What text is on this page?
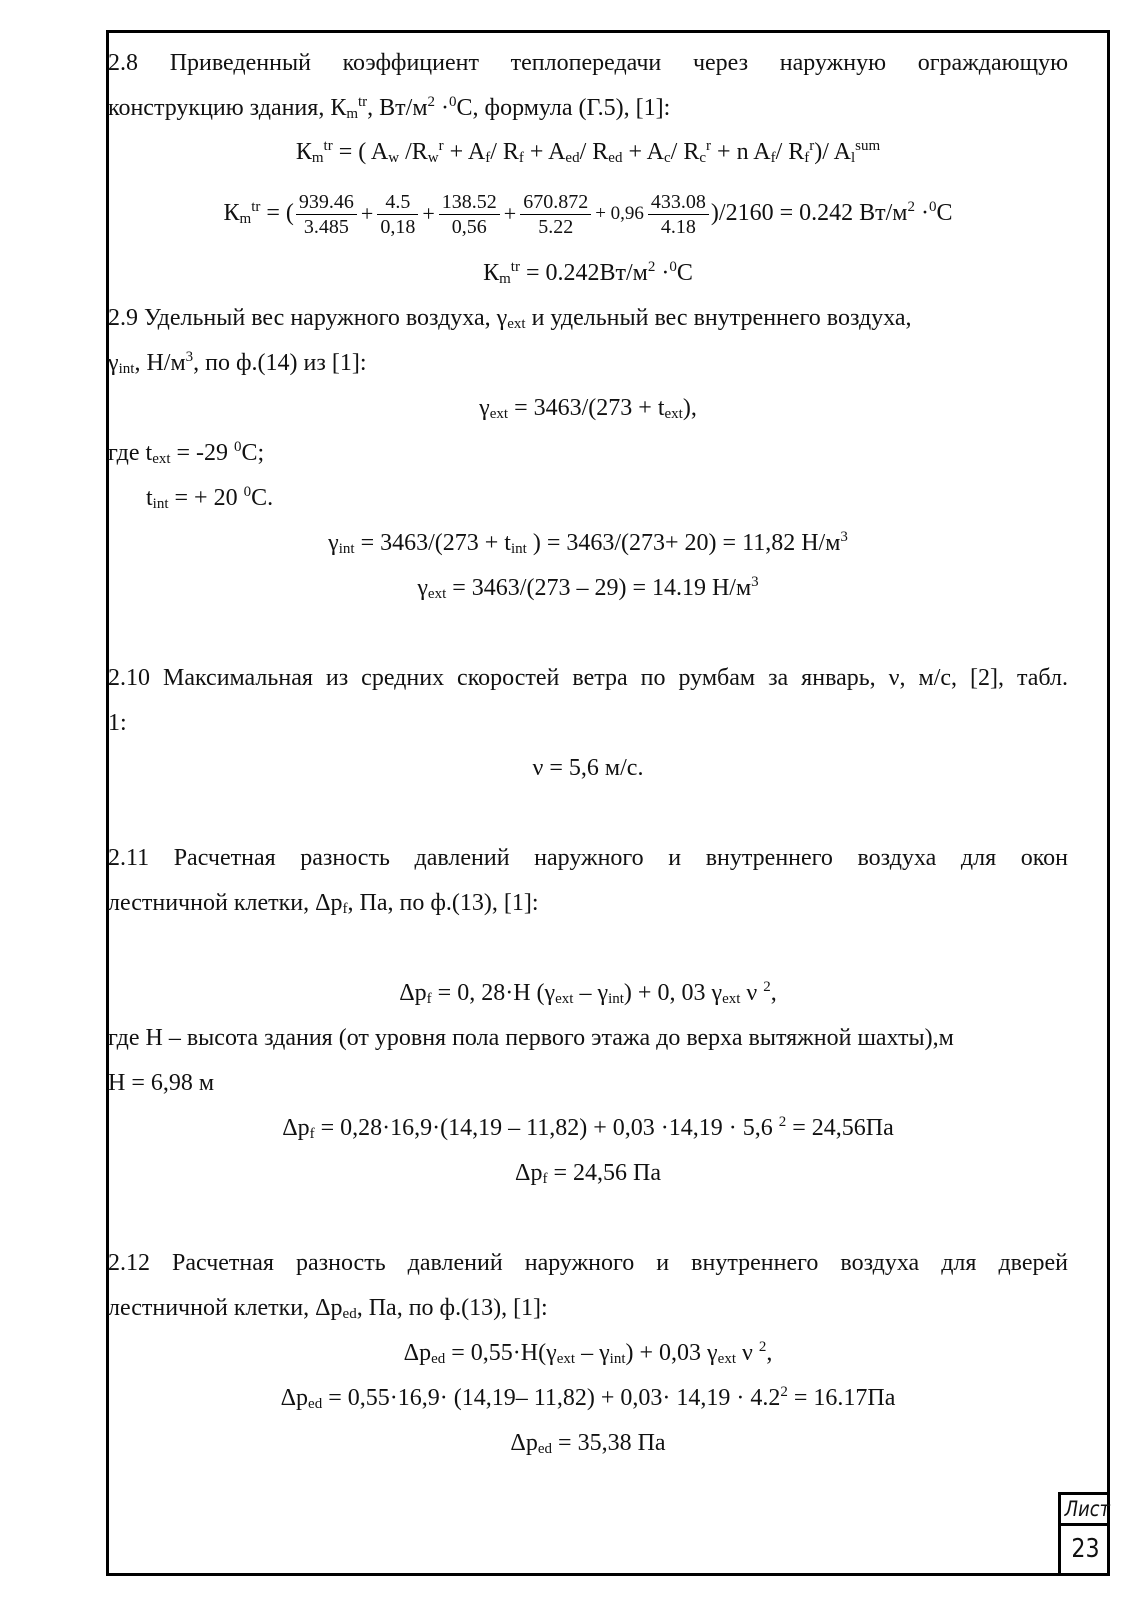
2.8 Приведенный коэффициент теплопередачи через наружную ограждающую
конструкцию здания, $К_m^{tr}$, $Вт/м^2 \cdot^0С$, формула (Г.5), [1]:
$К_m^{tr}$ = ( $A_w$ $/R_w^r + A_f/$ $R_f + A_{ed}/$ $R_{ed} + A_c/$ $R_c^r + n$ $A_f/$ $R_f^r)/$ $A_l^{sum}$
$К_m^{tr}$ = ( $\frac{939.46}{3.485} + \frac{4.5}{0,18} + \frac{138.52}{0,56} + \frac{670.872}{5.22} + 0,96 \frac{433.08}{4.18} )/2160 = 0.242$ $Вт/м^2 \cdot^0С$
$К_m^{tr} = 0.242Вт/м^2 \cdot^0С$
2.9 Удельный вес наружного воздуха, $\gamma_{ext}$ и удельный вес внутреннего воздуха,
$\gamma_{int}$, $Н/м^3$, по ф.(14) из [1]:
$\gamma_{ext} = 3463/(273 + t_{ext})$,
где $t_{ext} = -29$ $^0$С;
$t_{int}$ = + 20 $^0$С.
$\gamma_{int} = 3463/(273 + t_{int}$ ) = 3463/(273+ 20) = 11,82 $Н/м^3$
$\gamma_{ext} = 3463/(273 - 29) = 14.19$ $Н/м^3$
2.10 Максимальная из средних скоростей ветра по румбам за январь, ν, м/с, [2], табл.
1:
ν = 5,6 м/с.
2.11 Расчетная разность давлений наружного и внутреннего воздуха для окон
лестничной клетки, $\Delta р_f$, Па, по ф.(13), [1]:
$\Delta р_f = 0$, 28·Н $(\gamma_{ext} - \gamma_{int}) + 0$, 03 $\gamma_{ext}$ ν $^2$,
где Н – высота здания (от уровня пола первого этажа до верха вытяжной шахты),м
Н = 6,98 м
$\Delta р_f = 0,28\cdot 16,9\cdot(14,19 - 11,82) + 0,03 \cdot 14,19 \cdot 5,6$ $^2$ = 24,56Па
$\Delta р_f = 24,56$ Па
2.12 Расчетная разность давлений наружного и внутреннего воздуха для дверей
лестничной клетки, $\Delta р_{ed}$, Па, по ф.(13), [1]:
$\Delta р_{ed} = 0,55\cdot Н(\gamma_{ext} - \gamma_{int}) + 0,03$ $\gamma_{ext}$ ν $^2$,
$\Delta р_{ed} = 0,55\cdot 16,9\cdot (14,19-$ $11,82) + 0,03\cdot 14,19 \cdot 4.2^2 = 16.17Па$
$\Delta р_{ed} = 35,38$ Па
Лист
23
